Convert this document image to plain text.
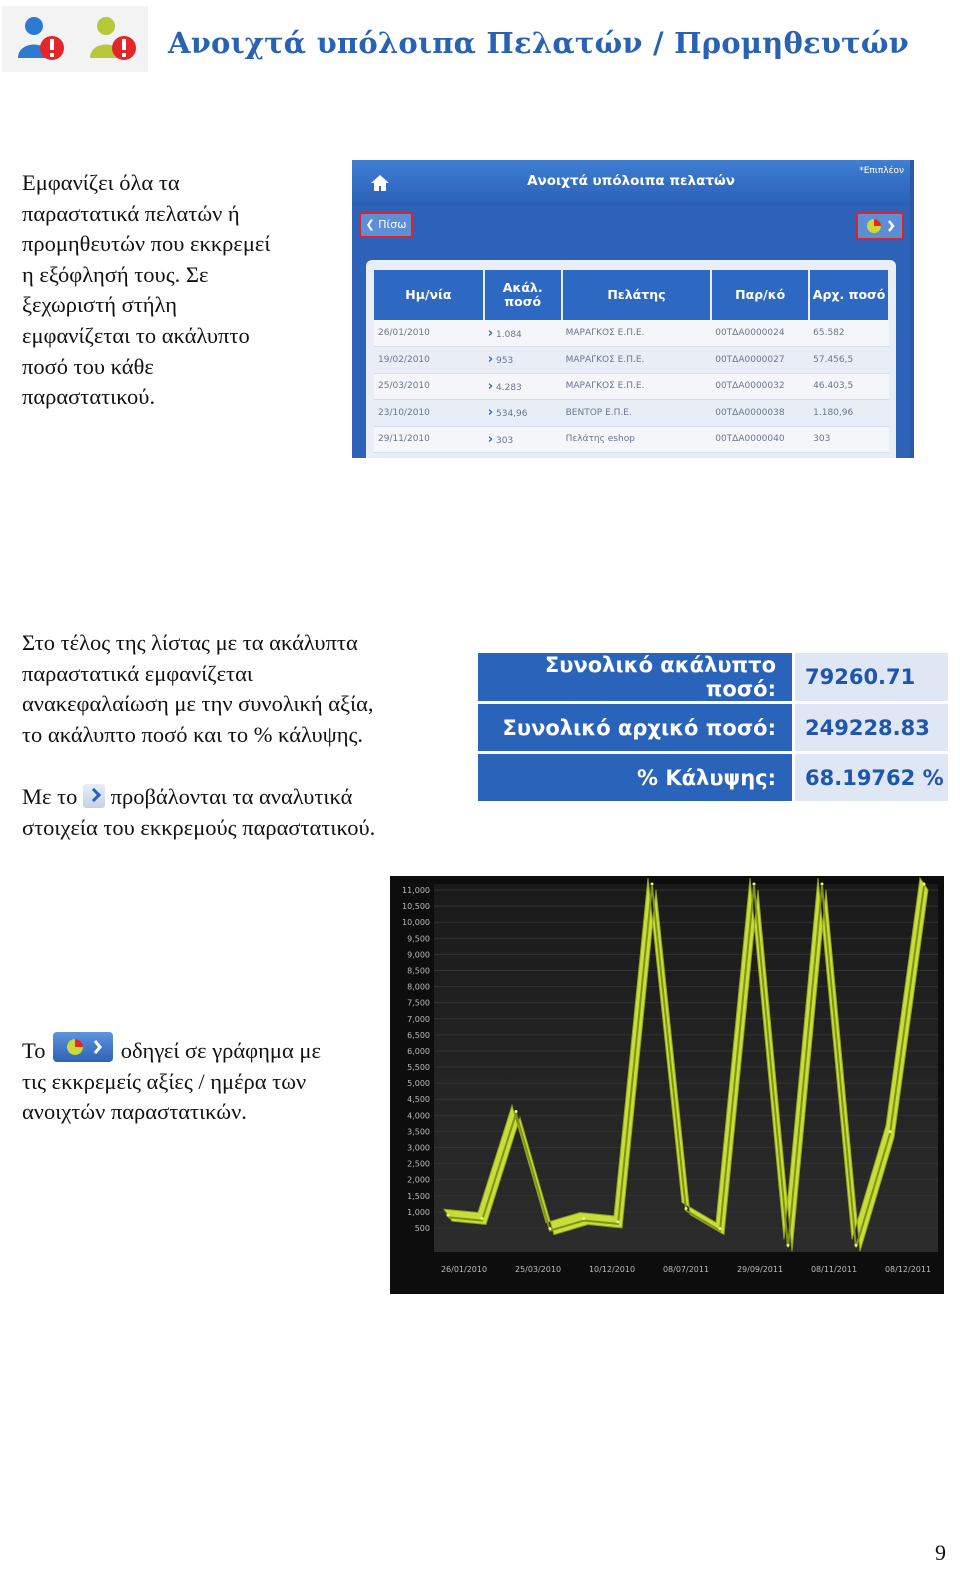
Ανοιχτά υπόλοιπα Πελατών / Προμηθευτών
Εμφανίζει όλα τα
παραστατικά πελατών ή
προμηθευτών που εκκρεμεί
η εξόφλησή τους. Σε
ξεχωριστή στήλη
εμφανίζεται το ακάλυπτο
ποσό του κάθε
παραστατικού.
Ανοιχτά υπόλοιπα πελατών
*Επιπλέον
❮ Πίσω
Ημ/νία	Ακάλ. ποσό	Πελάτης	Παρ/κό	Αρχ. ποσό
26/01/2010	› 1.084	ΜΑΡΑΓΚΟΣ Ε.Π.Ε.	00ΤΔΑ0000024	65.582
19/02/2010	› 953	ΜΑΡΑΓΚΟΣ Ε.Π.Ε.	00ΤΔΑ0000027	57.456,5
25/03/2010	› 4.283	ΜΑΡΑΓΚΟΣ Ε.Π.Ε.	00ΤΔΑ0000032	46.403,5
23/10/2010	› 534,96	ΒΕΝΤΟΡ Ε.Π.Ε.	00ΤΔΑ0000038	1.180,96
29/11/2010	› 303	Πελάτης eshop	00ΤΔΑ0000040	303
Στο τέλος της λίστας με τα ακάλυπτα
παραστατικά εμφανίζεται
ανακεφαλαίωση με την συνολική αξία,
το ακάλυπτο ποσό και το % κάλυψης.
Με το προβάλονται τα αναλυτικά
στοιχεία του εκκρεμούς παραστατικού.
Συνολικό ακάλυπτο ποσό:	79260.71
Συνολικό αρχικό ποσό:	249228.83
% Κάλυψης:	68.19762 %
Το	οδηγεί σε γράφημα με
τις εκκρεμείς αξίες / ημέρα των
ανοιχτών παραστατικών.
11,000
10,500
10,000
9,500
9,000
8,500
8,000
7,500
7,000
6,500
6,000
5,500
5,000
4,500
4,000
3,500
3,000
2,500
2,000
1,500
1,000
500
26/01/2010	25/03/2010	10/12/2010	08/07/2011	29/09/2011	08/11/2011	08/12/2011
9
